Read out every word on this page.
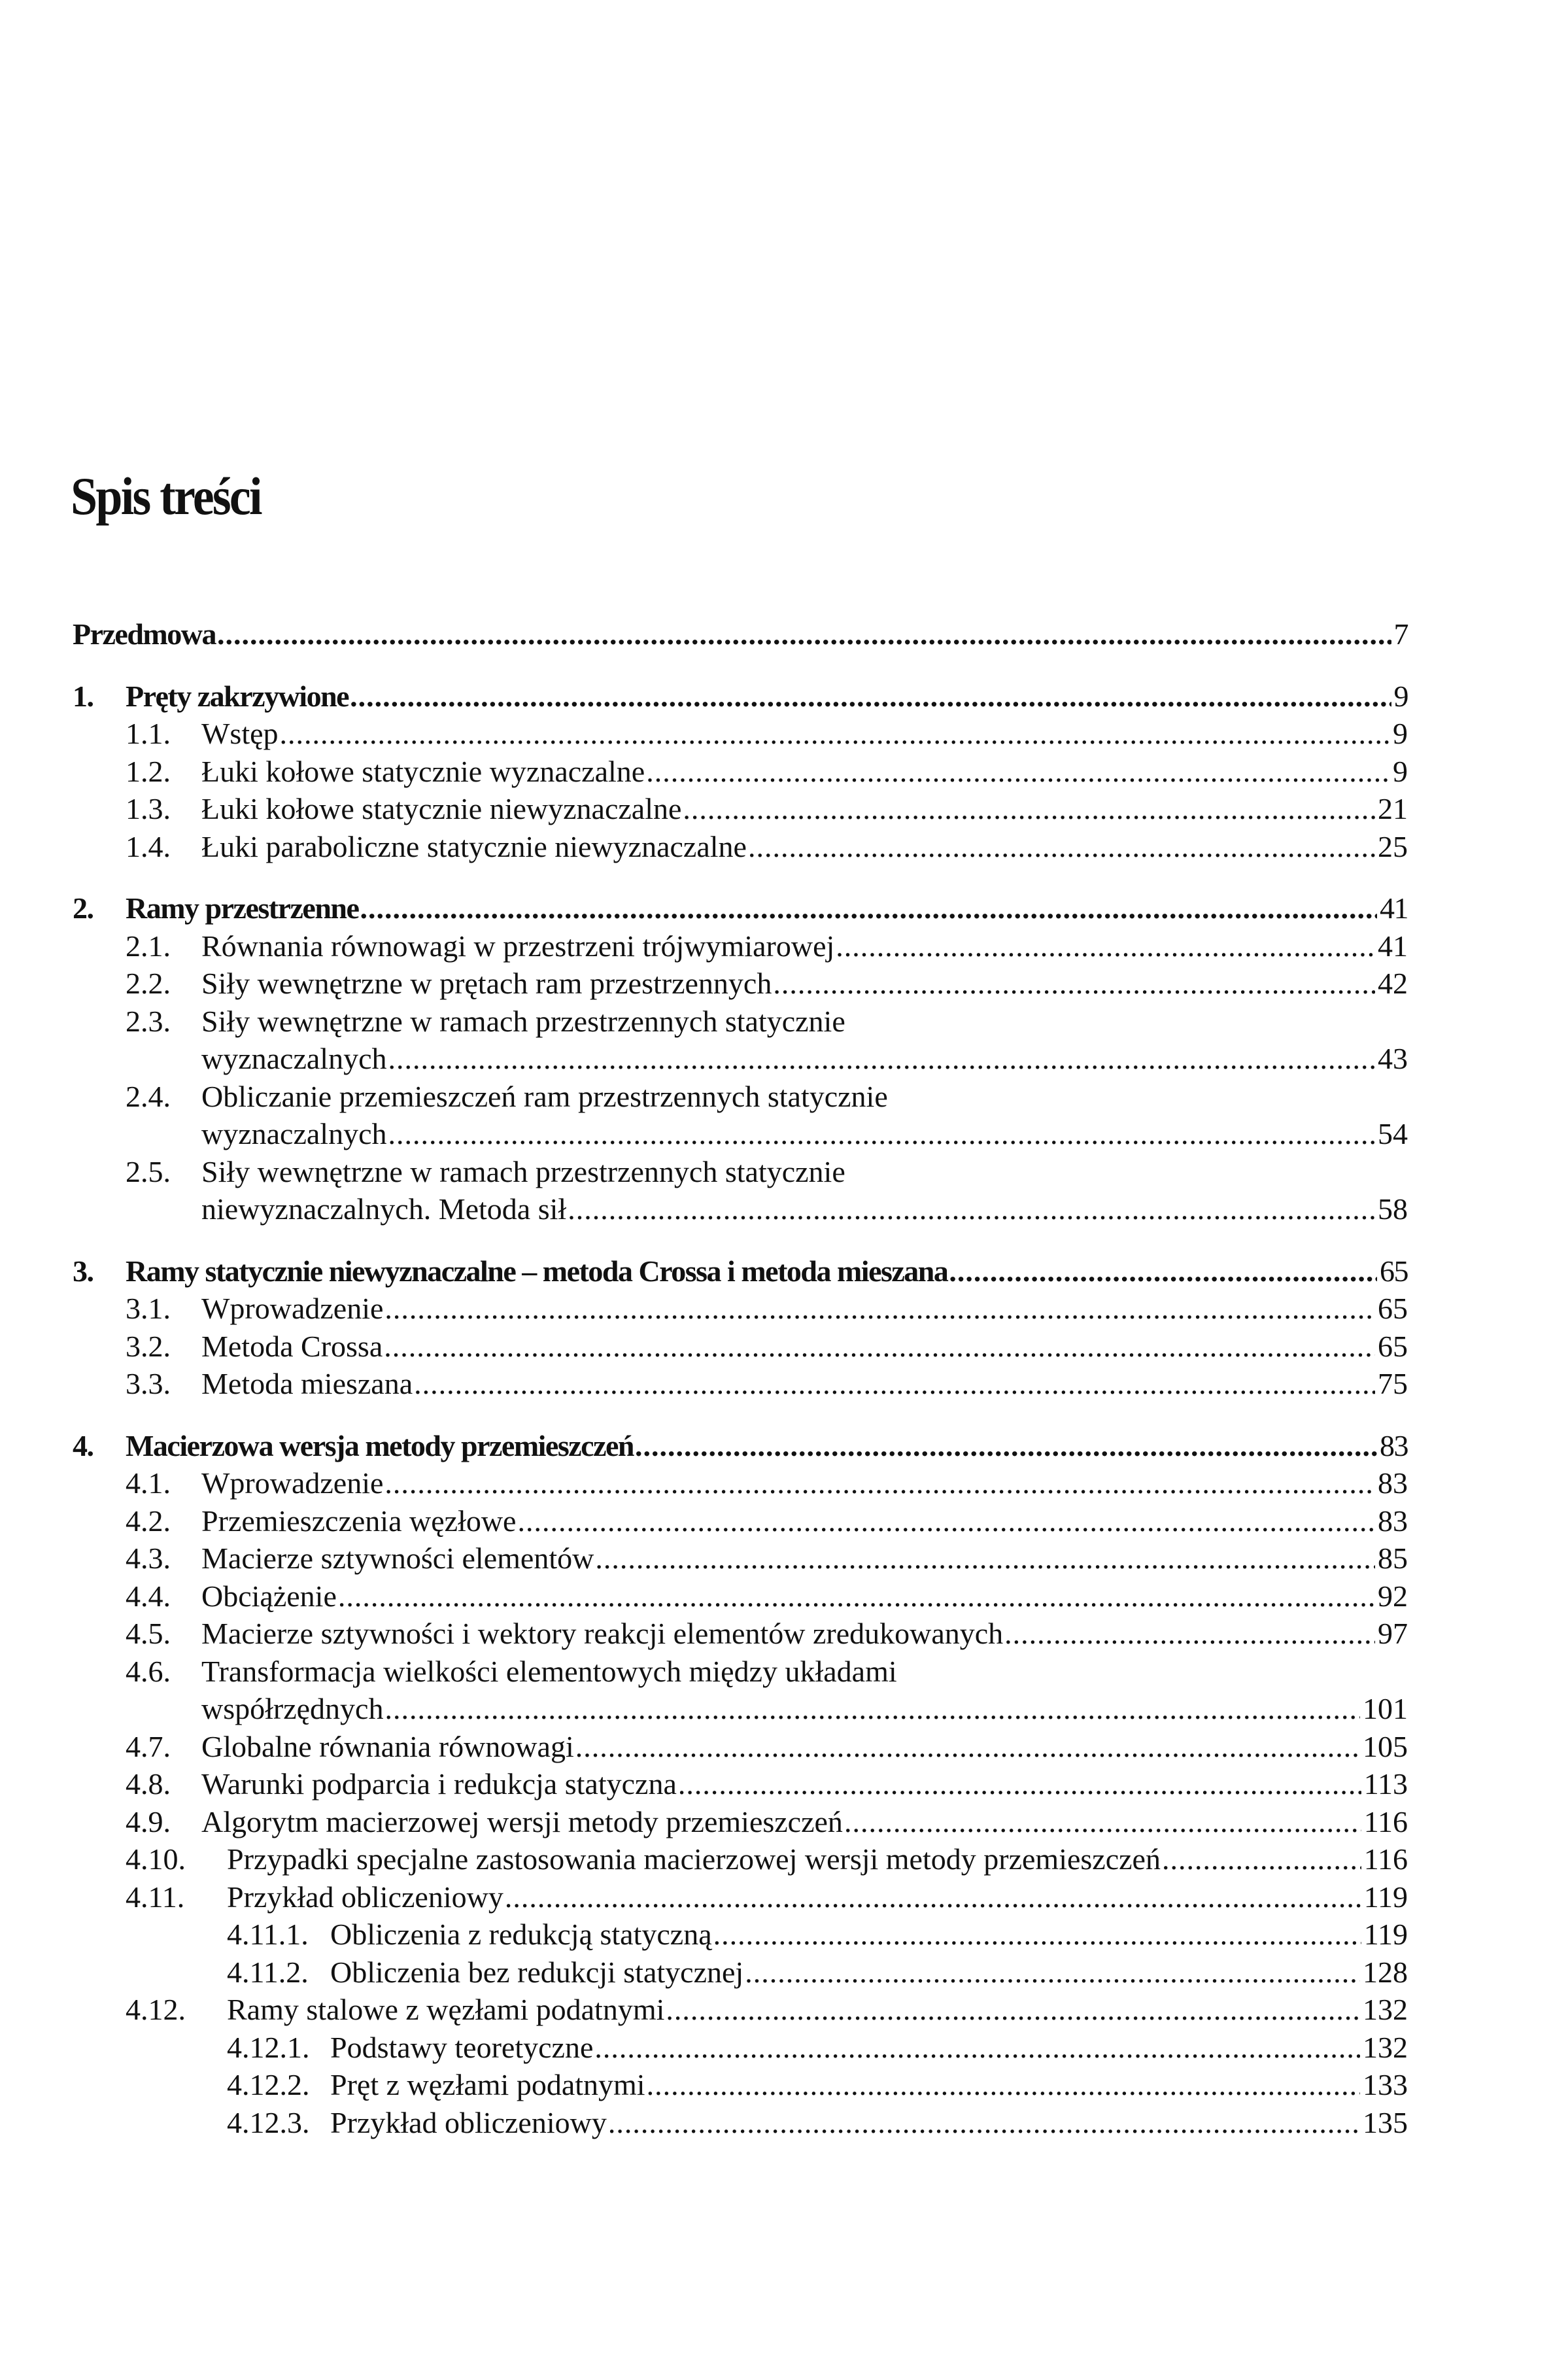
Spis treści
Przedmowa .....	7
1. Pręty zakrzywione .....	9
1.1. Wstęp .....	9
1.2. Łuki kołowe statycznie wyznaczalne .....	9
1.3. Łuki kołowe statycznie niewyznaczalne .....	21
1.4. Łuki paraboliczne statycznie niewyznaczalne .....	25
2. Ramy przestrzenne .....	41
2.1. Równania równowagi w przestrzeni trójwymiarowej .....	41
2.2. Siły wewnętrzne w prętach ram przestrzennych .....	42
2.3. Siły wewnętrzne w ramach przestrzennych statycznie
wyznaczalnych .....	43
2.4. Obliczanie przemieszczeń ram przestrzennych statycznie
wyznaczalnych .....	54
2.5. Siły wewnętrzne w ramach przestrzennych statycznie
niewyznaczalnych. Metoda sił .....	58
3. Ramy statycznie niewyznaczalne – metoda Crossa i metoda mieszana .....	65
3.1. Wprowadzenie .....	65
3.2. Metoda Crossa .....	65
3.3. Metoda mieszana .....	75
4. Macierzowa wersja metody przemieszczeń .....	83
4.1. Wprowadzenie .....	83
4.2. Przemieszczenia węzłowe .....	83
4.3. Macierze sztywności elementów .....	85
4.4. Obciążenie .....	92
4.5. Macierze sztywności i wektory reakcji elementów zredukowanych .....	97
4.6. Transformacja wielkości elementowych między układami
współrzędnych .....	101
4.7. Globalne równania równowagi .....	105
4.8. Warunki podparcia i redukcja statyczna .....	113
4.9. Algorytm macierzowej wersji metody przemieszczeń .....	116
4.10. Przypadki specjalne zastosowania macierzowej wersji metody przemieszczeń .....	116
4.11. Przykład obliczeniowy .....	119
4.11.1. Obliczenia z redukcją statyczną .....	119
4.11.2. Obliczenia bez redukcji statycznej .....	128
4.12. Ramy stalowe z węzłami podatnymi .....	132
4.12.1. Podstawy teoretyczne .....	132
4.12.2. Pręt z węzłami podatnymi .....	133
4.12.3. Przykład obliczeniowy .....	135
